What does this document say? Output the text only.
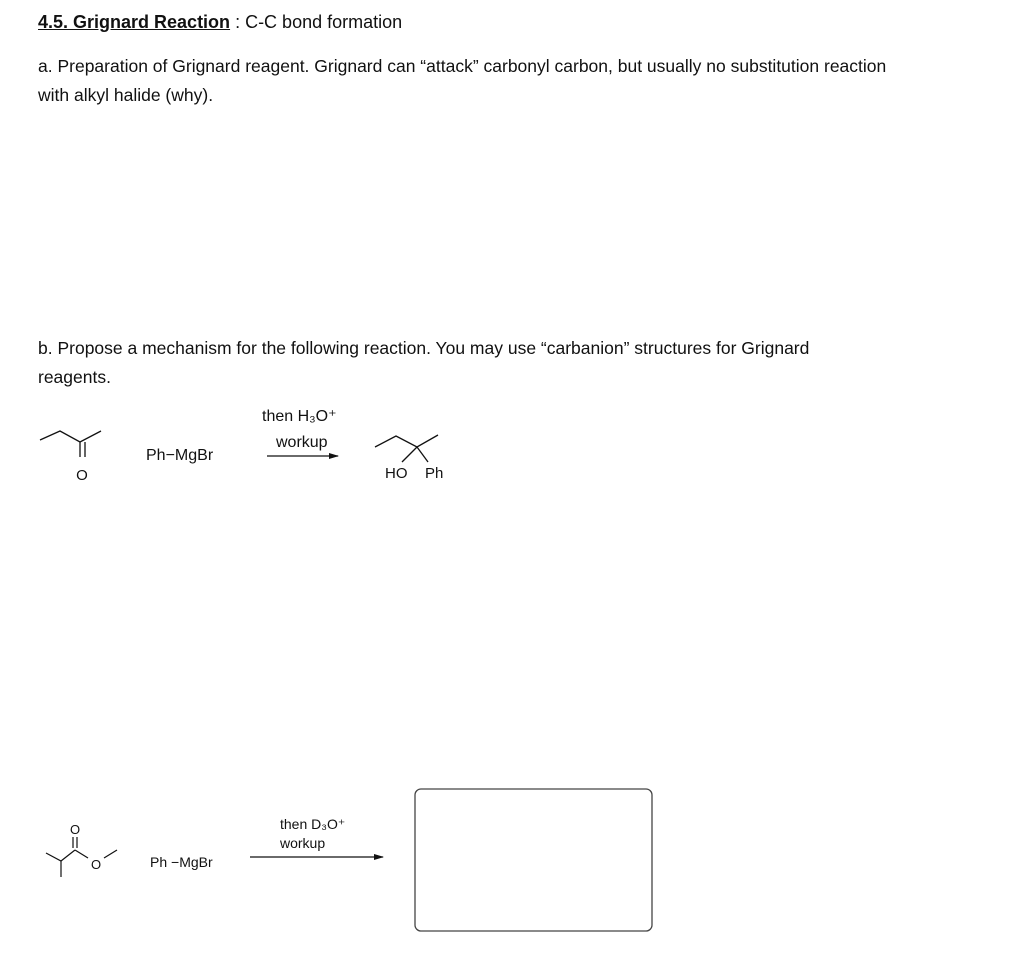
4.5. Grignard Reaction : C-C bond formation
a. Preparation of Grignard reagent. Grignard can “attack” carbonyl carbon, but usually no substitution reaction
with alkyl halide (why).
b. Propose a mechanism for the following reaction. You may use “carbanion” structures for Grignard
reagents.
O
Ph−MgBr
then H₃O⁺
workup
HO Ph
O
O	Ph −MgBr
then D₃O⁺
workup
